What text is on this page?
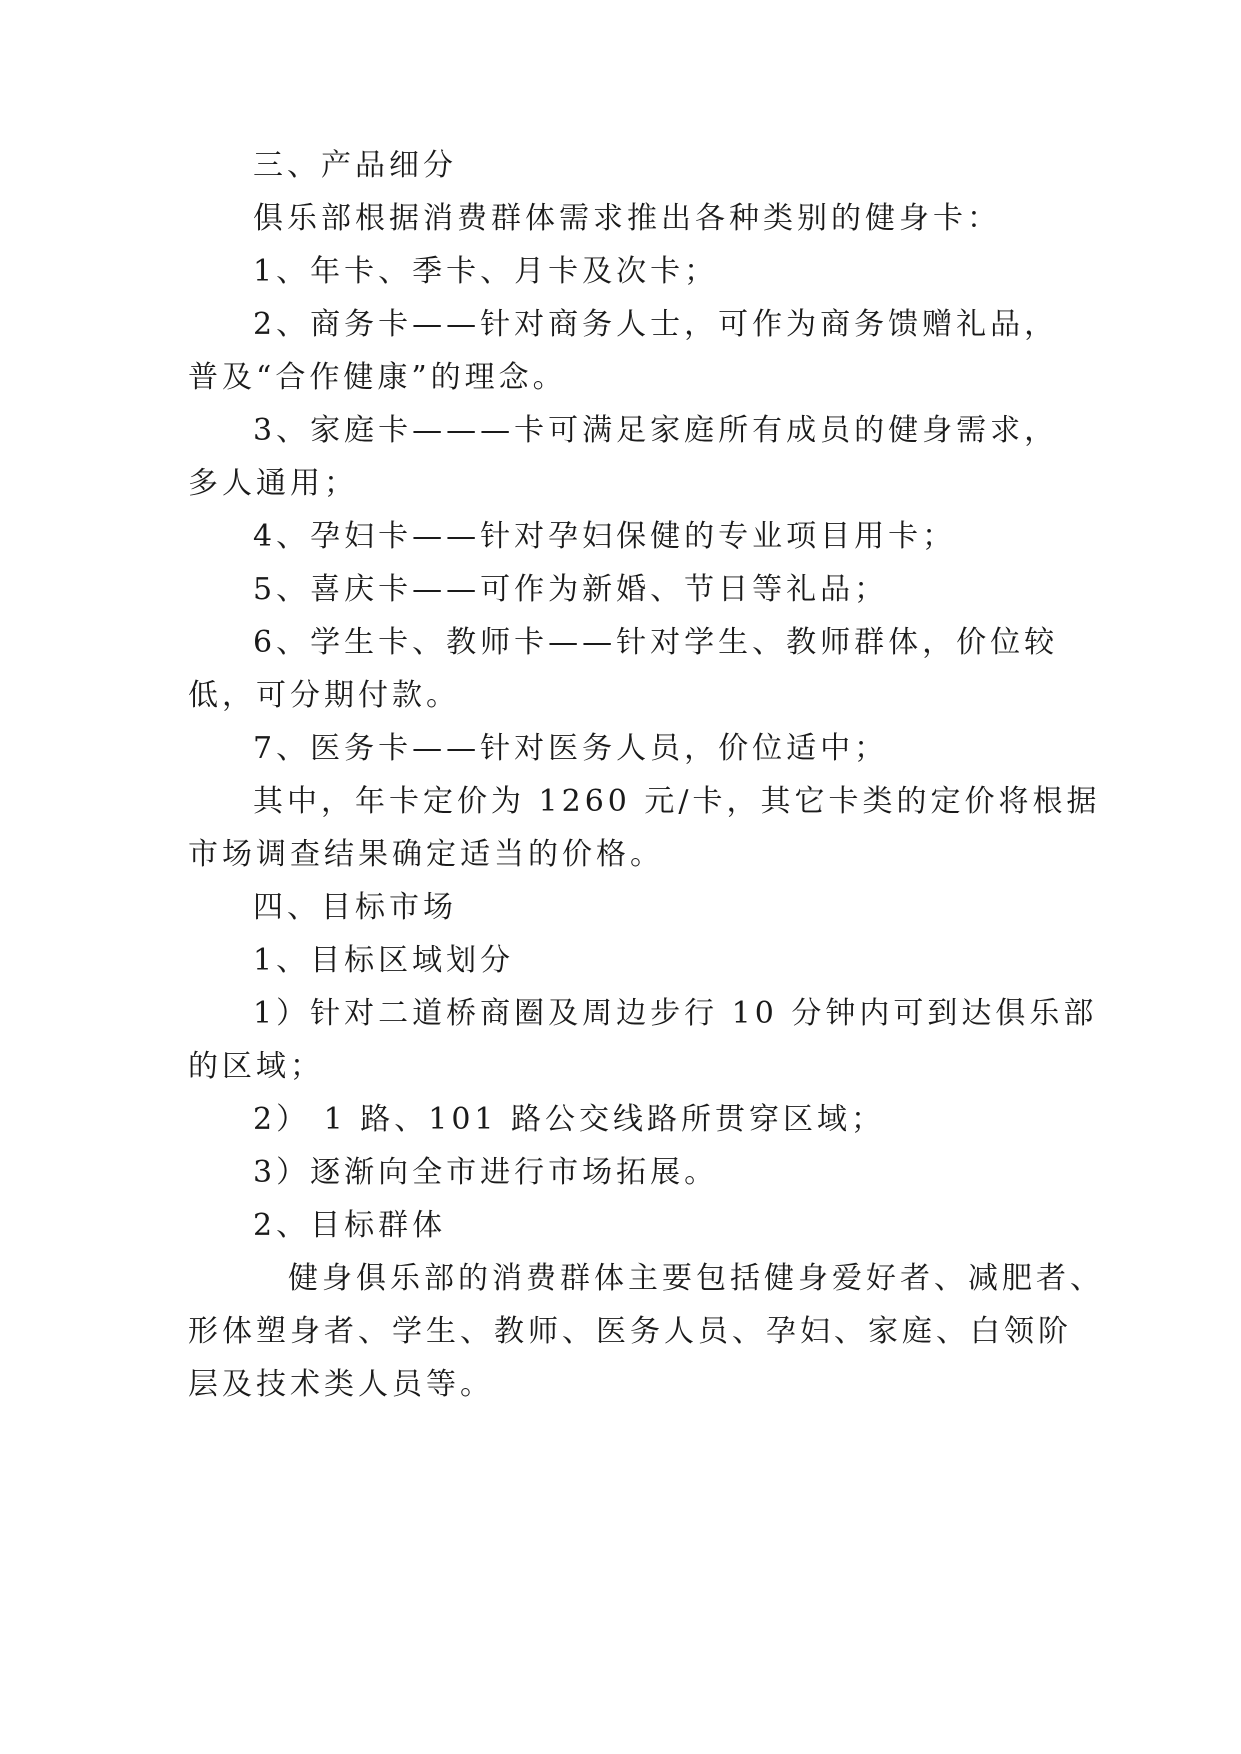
三、产品细分

俱乐部根据消费群体需求推出各种类别的健身卡：

1、年卡、季卡、月卡及次卡；

2、商务卡——针对商务人士，可作为商务馈赠礼品，

普及“合作健康”的理念。

3、家庭卡———卡可满足家庭所有成员的健身需求，

多人通用；

4、孕妇卡——针对孕妇保健的专业项目用卡；

5、喜庆卡——可作为新婚、节日等礼品；

6、学生卡、教师卡——针对学生、教师群体，价位较

低，可分期付款。

7、医务卡——针对医务人员，价位适中；

其中，年卡定价为 1260 元/卡，其它卡类的定价将根据

市场调查结果确定适当的价格。

四、目标市场

1、目标区域划分

1）针对二道桥商圈及周边步行 10 分钟内可到达俱乐部

的区域；

2） 1 路、101 路公交线路所贯穿区域；

3）逐渐向全市进行市场拓展。

2、目标群体

健身俱乐部的消费群体主要包括健身爱好者、减肥者、

形体塑身者、学生、教师、医务人员、孕妇、家庭、白领阶

层及技术类人员等。
